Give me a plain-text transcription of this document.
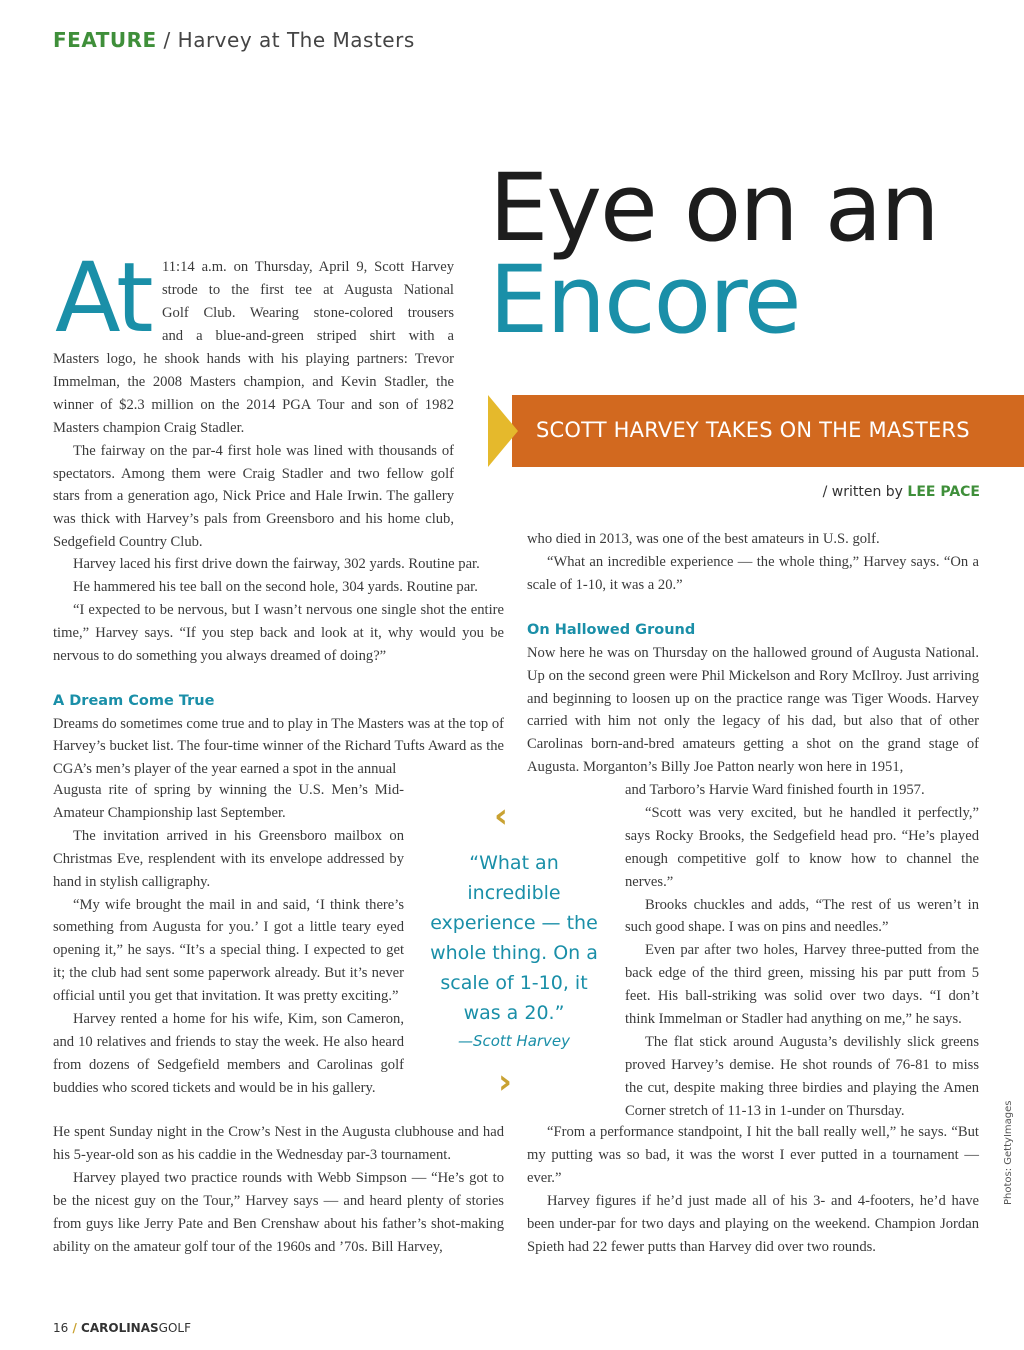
FEATURE / Harvey at The Masters
Eye on an
Encore
SCOTT HARVEY TAKES ON THE MASTERS
/ written by LEE PACE
At 11:14 a.m. on Thursday, April 9, Scott Harvey
strode to the first tee at Augusta National
Golf Club. Wearing stone-colored trousers
and a blue-and-green striped shirt with a

Masters logo, he shook hands with his playing partners: Trevor Immelman, the 2008 Masters champion, and Kevin Stadler, the winner of $2.3 million on the 2014 PGA Tour and son of 1982 Masters champion Craig Stadler.

The fairway on the par-4 first hole was lined with thousands of spectators. Among them were Craig Stadler and two fellow golf stars from a generation ago, Nick Price and Hale Irwin. The gallery was thick with Harvey’s pals from Greensboro and his home club, Sedgefield Country Club.

Harvey laced his first drive down the fairway, 302 yards. Routine par.

He hammered his tee ball on the second hole, 304 yards. Routine par.

“I expected to be nervous, but I wasn’t nervous one single shot the entire time,” Harvey says. “If you step back and look at it, why would you be nervous to do something you always dreamed of doing?”

A Dream Come True

Dreams do sometimes come true and to play in The Masters was at the top of Harvey’s bucket list. The four-time winner of the Richard Tufts Award as the CGA’s men’s player of the year earned a spot in the annual

Augusta rite of spring by winning the U.S. Men’s Mid-Amateur Championship last September.

The invitation arrived in his Greensboro mailbox on Christmas Eve, resplendent with its envelope addressed by hand in stylish calligraphy.

“My wife brought the mail in and said, ‘I think there’s something from Augusta for you.’ I got a little teary eyed opening it,” he says. “It’s a special thing. I expected to get it; the club had sent some paperwork already. But it’s never official until you get that invitation. It was pretty exciting.”

Harvey rented a home for his wife, Kim, son Cameron, and 10 relatives and friends to stay the week. He also heard from dozens of Sedgefield members and Carolinas golf buddies who scored tickets and would be in his gallery.

He spent Sunday night in the Crow’s Nest in the Augusta clubhouse and had his 5-year-old son as his caddie in the Wednesday par-3 tournament.

Harvey played two practice rounds with Webb Simpson — “He’s got to be the nicest guy on the Tour,” Harvey says — and heard plenty of stories from guys like Jerry Pate and Ben Crenshaw about his father’s shot-making ability on the amateur golf tour of the 1960s and ’70s. Bill Harvey,

who died in 2013, was one of the best amateurs in U.S. golf.

“What an incredible experience — the whole thing,” Harvey says. “On a scale of 1-10, it was a 20.”

On Hallowed Ground

Now here he was on Thursday on the hallowed ground of Augusta National. Up on the second green were Phil Mickelson and Rory McIlroy. Just arriving and beginning to loosen up on the practice range was Tiger Woods. Harvey carried with him not only the legacy of his dad, but also that of other Carolinas born-and-bred amateurs getting a shot on the grand stage of Augusta. Morganton’s Billy Joe Patton nearly won here in 1951,

and Tarboro’s Harvie Ward finished fourth in 1957.

“Scott was very excited, but he handled it perfectly,” says Rocky Brooks, the Sedgefield head pro. “He’s played enough competitive golf to know how to channel the nerves.”

Brooks chuckles and adds, “The rest of us weren’t in such good shape. I was on pins and needles.”

Even par after two holes, Harvey three-putted from the back edge of the third green, missing his par putt from 5 feet. His ball-striking was solid over two days. “I don’t think Immelman or Stadler had anything on me,” he says.

The flat stick around Augusta’s devilishly slick greens proved Harvey’s demise. He shot rounds of 76-81 to miss the cut, despite making three birdies and playing the Amen Corner stretch of 11-13 in 1-under on Thursday.

“From a performance standpoint, I hit the ball really well,” he says. “But my putting was so bad, it was the worst I ever putted in a tournament — ever.”

Harvey figures if he’d just made all of his 3- and 4-footers, he’d have been under-par for two days and playing on the weekend. Champion Jordan Spieth had 22 fewer putts than Harvey did over two rounds.

‹
“What an incredible experience — the whole thing. On a scale of 1-10, it was a 20.”
—Scott Harvey
›
Photos: GettyImages
16 / CAROLINASGOLF
